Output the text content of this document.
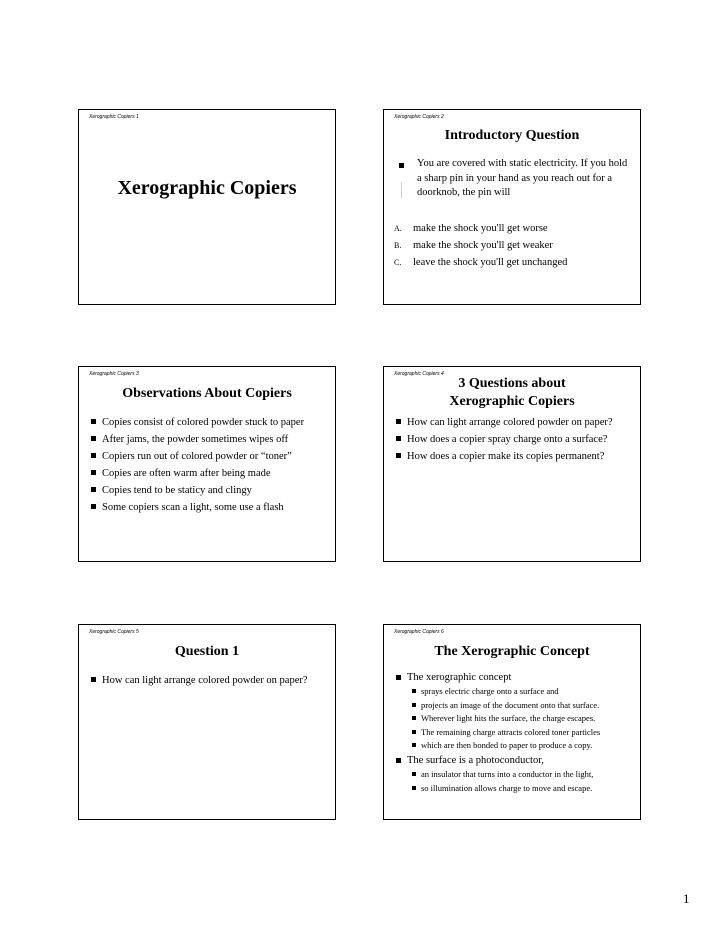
Xerographic Copiers 1
Xerographic Copiers
Xerographic Copiers 2
Introductory Question
You are covered with static electricity. If you hold a sharp pin in your hand as you reach out for a doorknob, the pin will
A. make the shock you'll get worse
B. make the shock you'll get weaker
C. leave the shock you'll get unchanged
Xerographic Copiers 3
Observations About Copiers
Copies consist of colored powder stuck to paper
After jams, the powder sometimes wipes off
Copiers run out of colored powder or “toner”
Copies are often warm after being made
Copies tend to be staticy and clingy
Some copiers scan a light, some use a flash
Xerographic Copiers 4
3 Questions about
Xerographic Copiers
How can light arrange colored powder on paper?
How does a copier spray charge onto a surface?
How does a copier make its copies permanent?
Xerographic Copiers 5
Question 1
How can light arrange colored powder on paper?
Xerographic Copiers 6
The Xerographic Concept
The xerographic concept
sprays electric charge onto a surface and
projects an image of the document onto that surface.
Wherever light hits the surface, the charge escapes.
The remaining charge attracts colored toner particles
which are then bonded to paper to produce a copy.
The surface is a photoconductor,
an insulator that turns into a conductor in the light,
so illumination allows charge to move and escape.
1
